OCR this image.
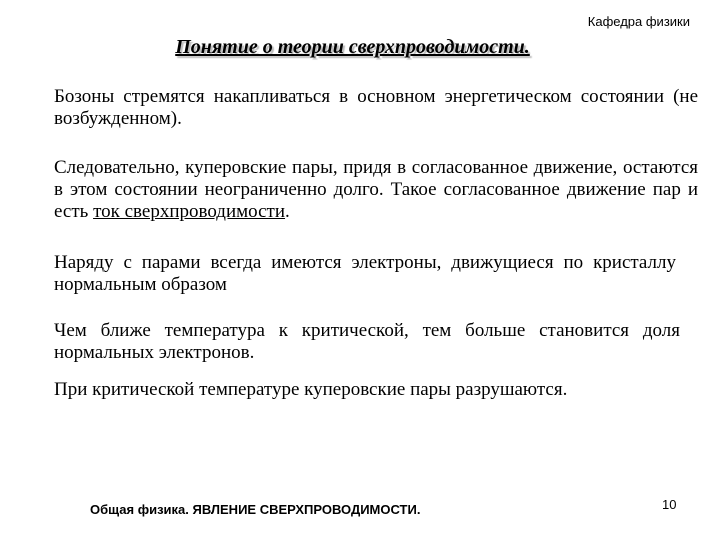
Кафедра физики
Понятие о теории сверхпроводимости.
Бозоны стремятся накапливаться в основном энергетическом состоянии (не возбужденном).
Следовательно, куперовские пары, придя в согласованное движение, остаются в этом состоянии неограниченно долго. Такое согласованное движение пар и есть ток сверхпроводимости.
Наряду с парами всегда имеются электроны, движущиеся по кристаллу нормальным образом
Чем ближе температура к критической, тем больше становится доля нормальных электронов.
При критической температуре куперовские пары разрушаются.
Общая физика. ЯВЛЕНИЕ СВЕРХПРОВОДИМОСТИ.	10
